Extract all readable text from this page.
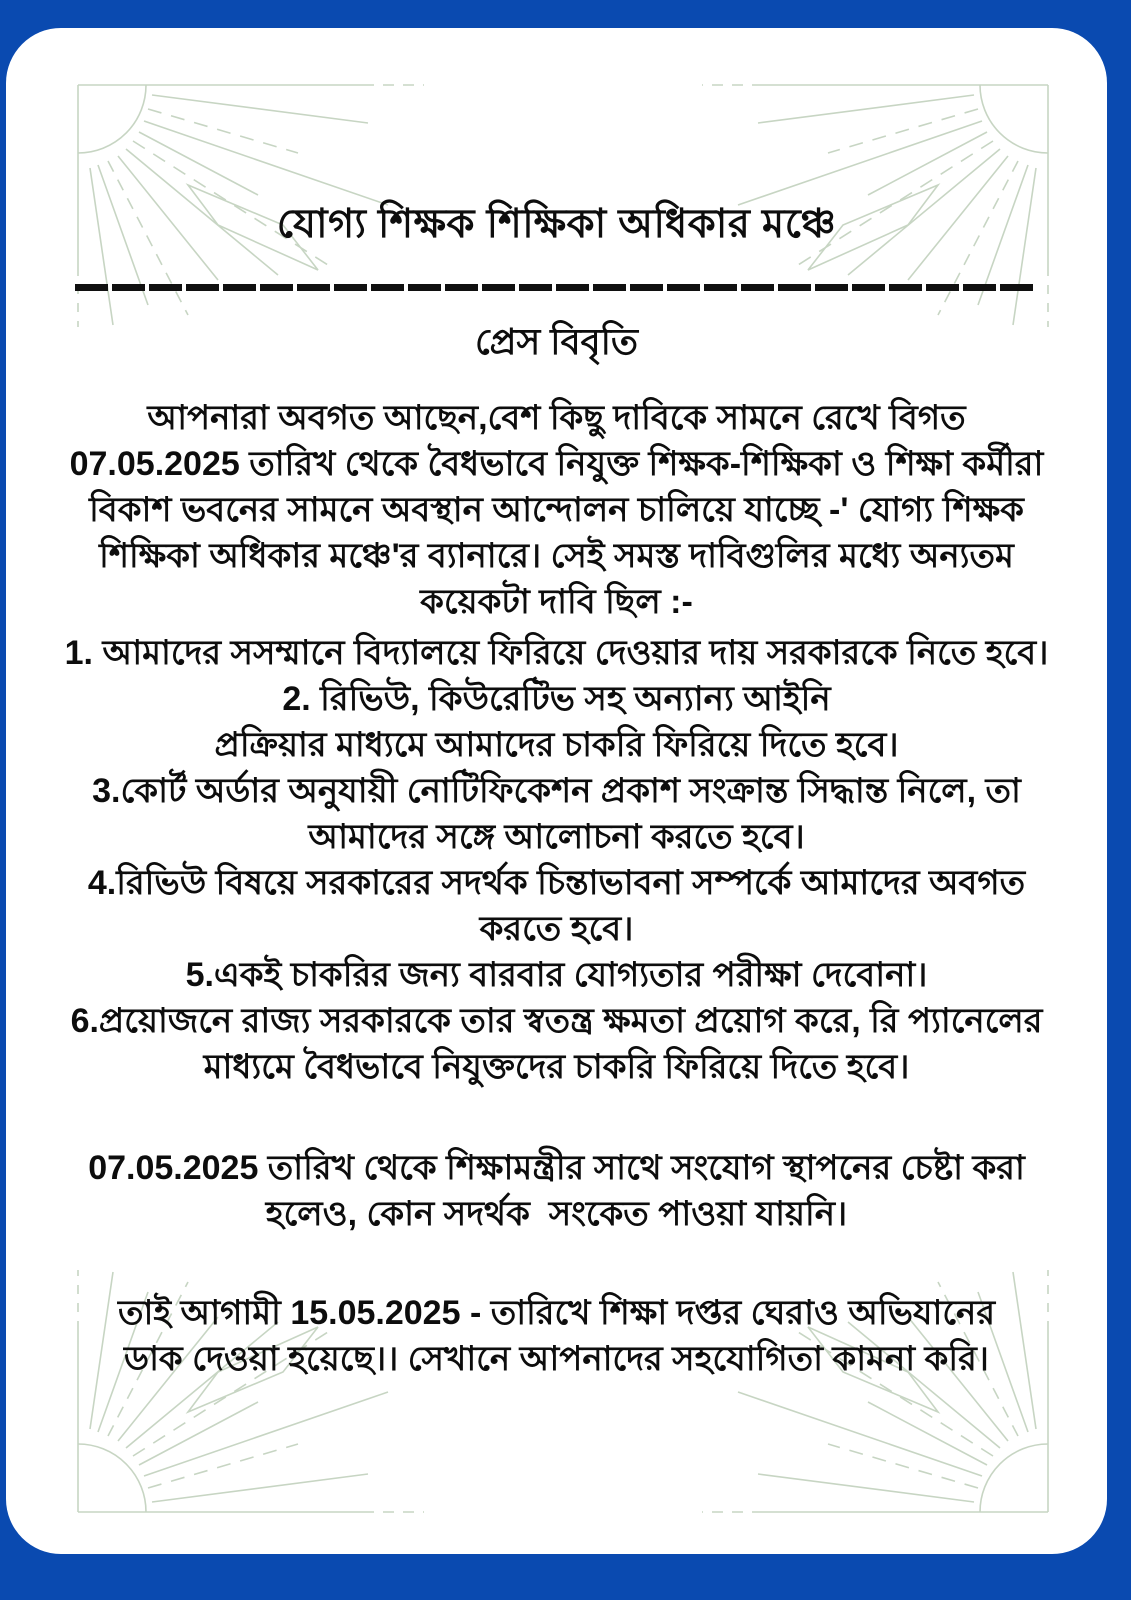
যোগ্য শিক্ষক শিক্ষিকা অধিকার মঞ্চে
প্রেস বিবৃতি
আপনারা অবগত আছেন,বেশ কিছু দাবিকে সামনে রেখে বিগত
07.05.2025 তারিখ থেকে বৈধভাবে নিযুক্ত শিক্ষক-শিক্ষিকা ও শিক্ষা কর্মীরা
বিকাশ ভবনের সামনে অবস্থান আন্দোলন চালিয়ে যাচ্ছে -' যোগ্য শিক্ষক
শিক্ষিকা অধিকার মঞ্চে'র ব্যানারে। সেই সমস্ত দাবিগুলির মধ্যে অন্যতম
কয়েকটা দাবি ছিল :-
1. আমাদের সসম্মানে বিদ্যালয়ে ফিরিয়ে দেওয়ার দায় সরকারকে নিতে হবে।
2. রিভিউ, কিউরেটিভ সহ অন্যান্য আইনি
প্রক্রিয়ার মাধ্যমে আমাদের চাকরি ফিরিয়ে দিতে হবে।
3.কোর্ট অর্ডার অনুযায়ী নোটিফিকেশন প্রকাশ সংক্রান্ত সিদ্ধান্ত নিলে, তা
আমাদের সঙ্গে আলোচনা করতে হবে।
4.রিভিউ বিষয়ে সরকারের সদর্থক চিন্তাভাবনা সম্পর্কে আমাদের অবগত
করতে হবে।
5.একই চাকরির জন্য বারবার যোগ্যতার পরীক্ষা দেবোনা।
6.প্রয়োজনে রাজ্য সরকারকে তার স্বতন্ত্র ক্ষমতা প্রয়োগ করে, রি প্যানেলের
মাধ্যমে বৈধভাবে নিযুক্তদের চাকরি ফিরিয়ে দিতে হবে।
07.05.2025 তারিখ থেকে শিক্ষামন্ত্রীর সাথে সংযোগ স্থাপনের চেষ্টা করা
হলেও, কোন সদর্থক  সংকেত পাওয়া যায়নি।
তাই আগামী 15.05.2025 - তারিখে শিক্ষা দপ্তর ঘেরাও অভিযানের
ডাক দেওয়া হয়েছে।। সেখানে আপনাদের সহযোগিতা কামনা করি।
